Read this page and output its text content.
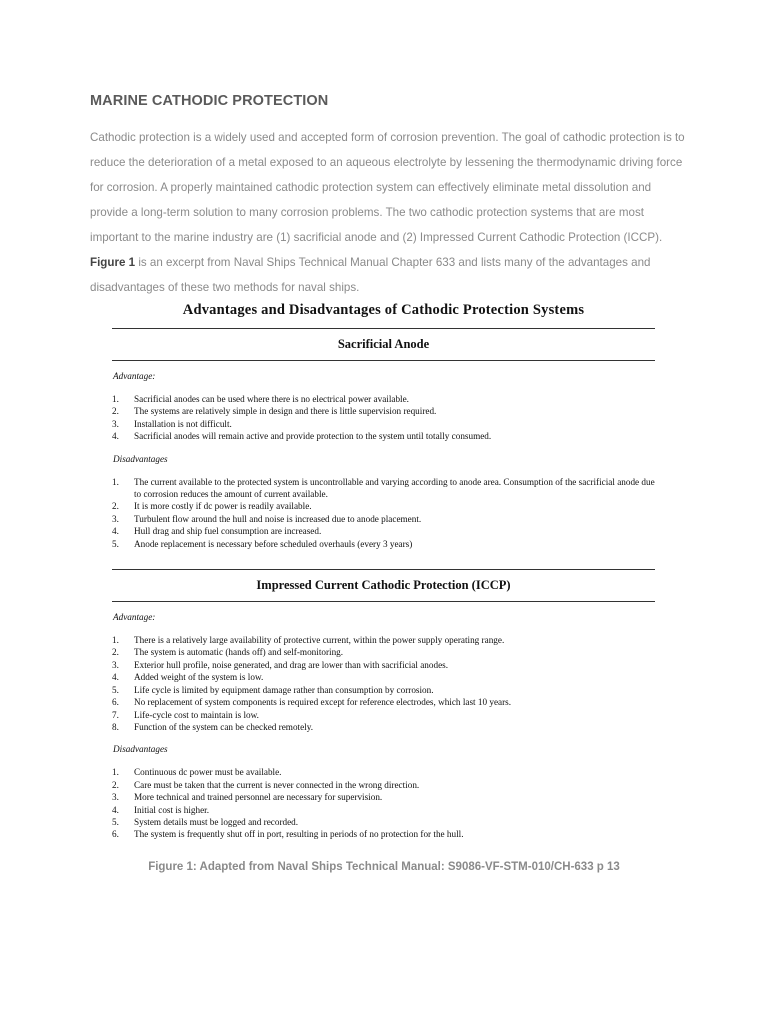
MARINE CATHODIC PROTECTION
Cathodic protection is a widely used and accepted form of corrosion prevention. The goal of cathodic protection is to reduce the deterioration of a metal exposed to an aqueous electrolyte by lessening the thermodynamic driving force for corrosion. A properly maintained cathodic protection system can effectively eliminate metal dissolution and provide a long-term solution to many corrosion problems. The two cathodic protection systems that are most important to the marine industry are (1) sacrificial anode and (2) Impressed Current Cathodic Protection (ICCP). Figure 1 is an excerpt from Naval Ships Technical Manual Chapter 633 and lists many of the advantages and disadvantages of these two methods for naval ships.
Advantages and Disadvantages of Cathodic Protection Systems
Sacrificial Anode
Advantage:
1.	Sacrificial anodes can be used where there is no electrical power available.
2.	The systems are relatively simple in design and there is little supervision required.
3.	Installation is not difficult.
4.	Sacrificial anodes will remain active and provide protection to the system until totally consumed.
Disadvantages
1.	The current available to the protected system is uncontrollable and varying according to anode area. Consumption of the sacrificial anode due to corrosion reduces the amount of current available.
2.	It is more costly if dc power is readily available.
3.	Turbulent flow around the hull and noise is increased due to anode placement.
4.	Hull drag and ship fuel consumption are increased.
5.	Anode replacement is necessary before scheduled overhauls (every 3 years)
Impressed Current Cathodic Protection (ICCP)
Advantage:
1.	There is a relatively large availability of protective current, within the power supply operating range.
2.	The system is automatic (hands off) and self-monitoring.
3.	Exterior hull profile, noise generated, and drag are lower than with sacrificial anodes.
4.	Added weight of the system is low.
5.	Life cycle is limited by equipment damage rather than consumption by corrosion.
6.	No replacement of system components is required except for reference electrodes, which last 10 years.
7.	Life-cycle cost to maintain is low.
8.	Function of the system can be checked remotely.
Disadvantages
1.	Continuous dc power must be available.
2.	Care must be taken that the current is never connected in the wrong direction.
3.	More technical and trained personnel are necessary for supervision.
4.	Initial cost is higher.
5.	System details must be logged and recorded.
6.	The system is frequently shut off in port, resulting in periods of no protection for the hull.
Figure 1: Adapted from Naval Ships Technical Manual: S9086-VF-STM-010/CH-633 p 13
